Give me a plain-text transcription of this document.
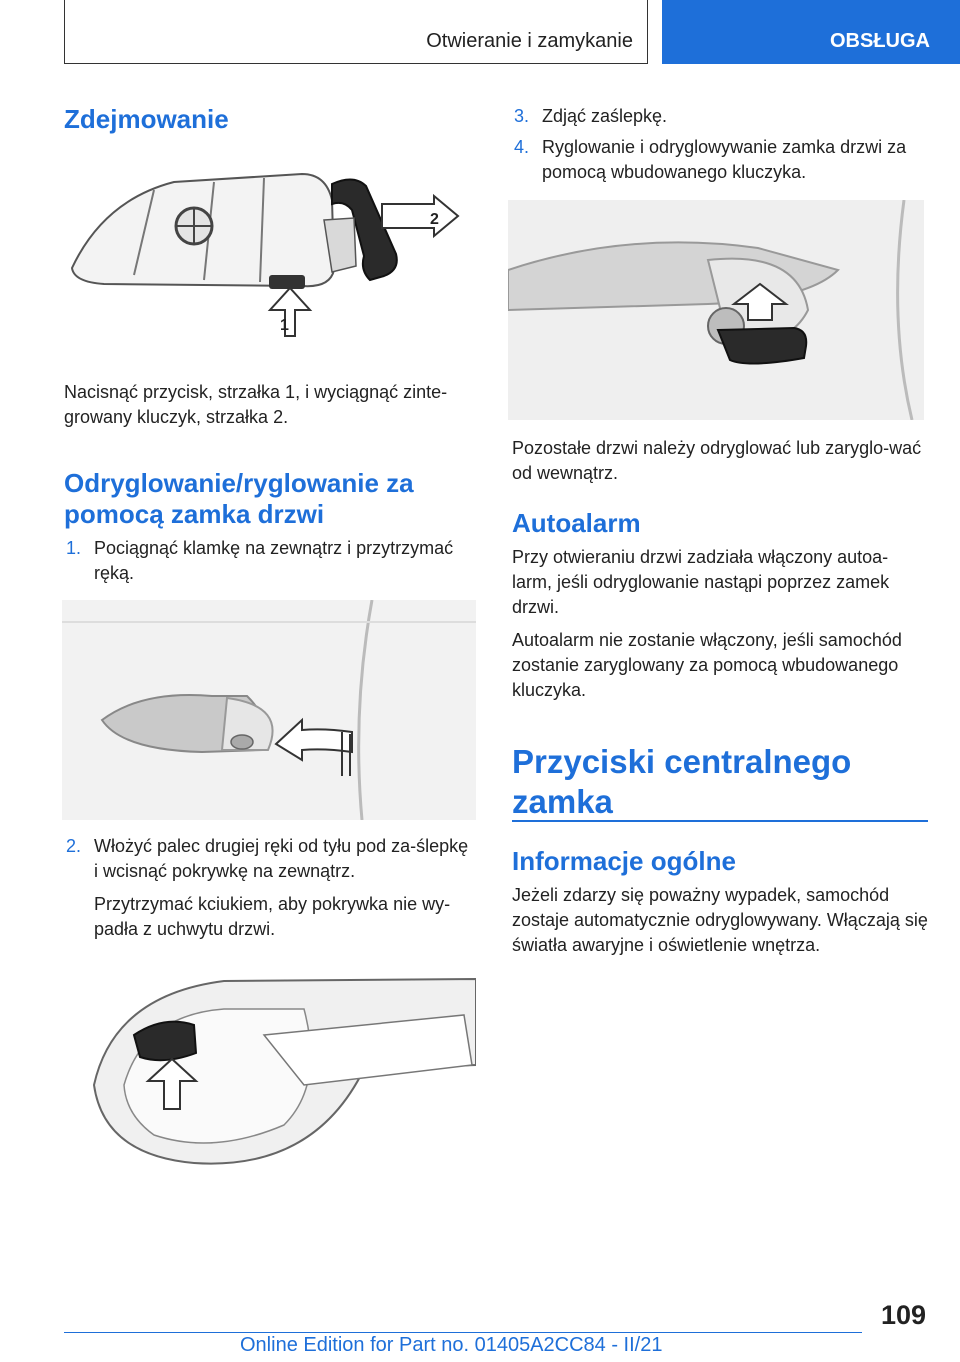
Otwieranie i zamykanie	OBSŁUGA
Zdejmowanie
2
1

Nacisnąć przycisk, strzałka 1, i wyciągnąć zinte-growany kluczyk, strzałka 2.

Odryglowanie/ryglowanie za pomocą zamka drzwi
1. Pociągnąć klamkę na zewnątrz i przytrzymać ręką.
2. Włożyć palec drugiej ręki od tyłu pod za-ślepkę i wcisnąć pokrywkę na zewnątrz.
Przytrzymać kciukiem, aby pokrywka nie wy-padła z uchwytu drzwi.
3. Zdjąć zaślepkę.
4. Ryglowanie i odryglowywanie zamka drzwi za pomocą wbudowanego kluczyka.

Pozostałe drzwi należy odryglować lub zaryglo-wać od wewnątrz.

Autoalarm

Przy otwieraniu drzwi zadziała włączony autoa-larm, jeśli odryglowanie nastąpi poprzez zamek drzwi.

Autoalarm nie zostanie włączony, jeśli samochód zostanie zaryglowany za pomocą wbudowanego kluczyka.

Przyciski centralnego zamka
Informacje ogólne

Jeżeli zdarzy się poważny wypadek, samochód zostaje automatycznie odryglowywany. Włączają się światła awaryjne i oświetlenie wnętrza.

109
Online Edition for Part no. 01405A2CC84 - II/21
